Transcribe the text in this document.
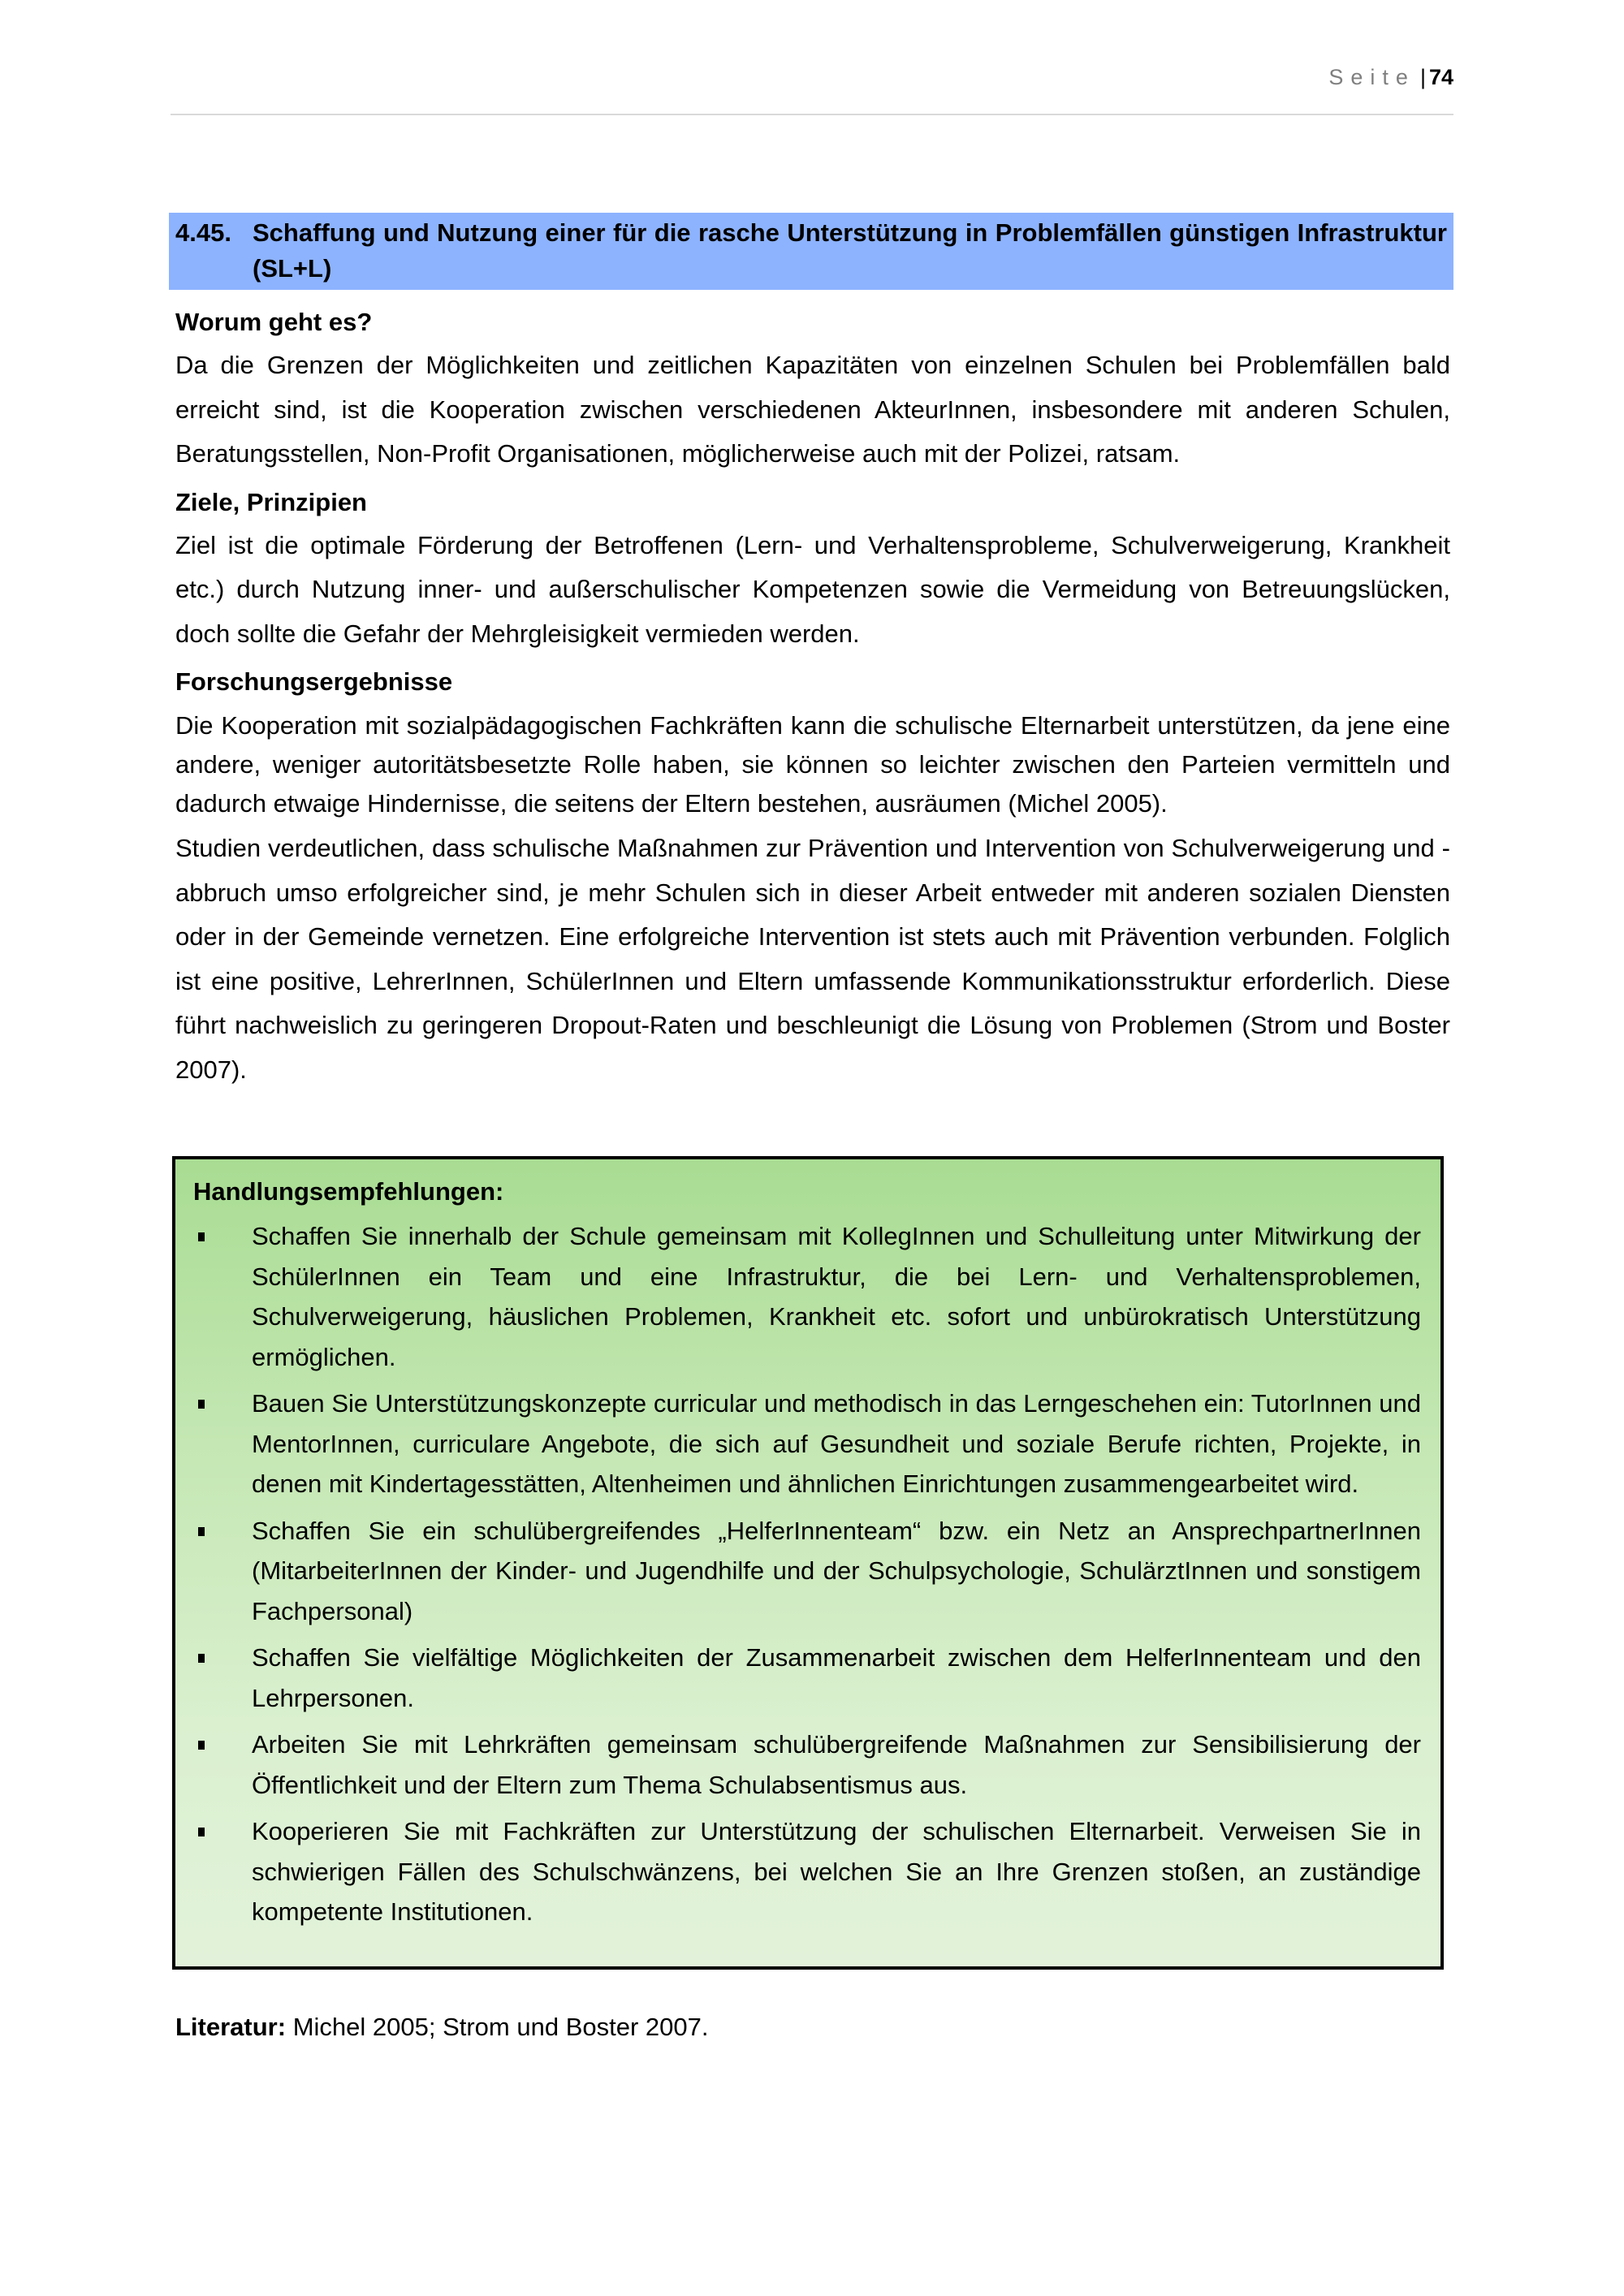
Seite | 74
4.45. Schaffung und Nutzung einer für die rasche Unterstützung in Problemfällen günstigen Infrastruktur (SL+L)
Worum geht es?

Da die Grenzen der Möglichkeiten und zeitlichen Kapazitäten von einzelnen Schulen bei Problemfällen bald erreicht sind, ist die Kooperation zwischen verschiedenen AkteurInnen, insbesondere mit anderen Schulen, Beratungsstellen, Non-Profit Organisationen, möglicherweise auch mit der Polizei, ratsam.

Ziele, Prinzipien

Ziel ist die optimale Förderung der Betroffenen (Lern- und Verhaltensprobleme, Schulverweigerung, Krankheit etc.) durch Nutzung inner- und außerschulischer Kompetenzen sowie die Vermeidung von Betreuungslücken, doch sollte die Gefahr der Mehrgleisigkeit vermieden werden.

Forschungsergebnisse

Die Kooperation mit sozialpädagogischen Fachkräften kann die schulische Elternarbeit unterstützen, da jene eine andere, weniger autoritätsbesetzte Rolle haben, sie können so leichter zwischen den Parteien vermitteln und dadurch etwaige Hindernisse, die seitens der Eltern bestehen, ausräumen (Michel 2005).

Studien verdeutlichen, dass schulische Maßnahmen zur Prävention und Intervention von Schulverweigerung und -abbruch umso erfolgreicher sind, je mehr Schulen sich in dieser Arbeit entweder mit anderen sozialen Diensten oder in der Gemeinde vernetzen. Eine erfolgreiche Intervention ist stets auch mit Prävention verbunden. Folglich ist eine positive, LehrerInnen, SchülerInnen und Eltern umfassende Kommunikationsstruktur erforderlich. Diese führt nachweislich zu geringeren Dropout-Raten und beschleunigt die Lösung von Problemen (Strom und Boster 2007).

Handlungsempfehlungen:
Schaffen Sie innerhalb der Schule gemeinsam mit KollegInnen und Schulleitung unter Mitwirkung der SchülerInnen ein Team und eine Infrastruktur, die bei Lern- und Verhaltensproblemen, Schulverweigerung, häuslichen Problemen, Krankheit etc. sofort und unbürokratisch Unterstützung ermöglichen.
Bauen Sie Unterstützungskonzepte curricular und methodisch in das Lerngeschehen ein: TutorInnen und MentorInnen, curriculare Angebote, die sich auf Gesundheit und soziale Berufe richten, Projekte, in denen mit Kindertagesstätten, Altenheimen und ähnlichen Einrichtungen zusammengearbeitet wird.
Schaffen Sie ein schulübergreifendes „HelferInnenteam“ bzw. ein Netz an AnsprechpartnerInnen (MitarbeiterInnen der Kinder- und Jugendhilfe und der Schulpsychologie, SchulärztInnen und sonstigem Fachpersonal)
Schaffen Sie vielfältige Möglichkeiten der Zusammenarbeit zwischen dem HelferInnenteam und den Lehrpersonen.
Arbeiten Sie mit Lehrkräften gemeinsam schulübergreifende Maßnahmen zur Sensibilisierung der Öffentlichkeit und der Eltern zum Thema Schulabsentismus aus.
Kooperieren Sie mit Fachkräften zur Unterstützung der schulischen Elternarbeit. Verweisen Sie in schwierigen Fällen des Schulschwänzens, bei welchen Sie an Ihre Grenzen stoßen, an zuständige kompetente Institutionen.
Literatur: Michel 2005; Strom und Boster 2007.
